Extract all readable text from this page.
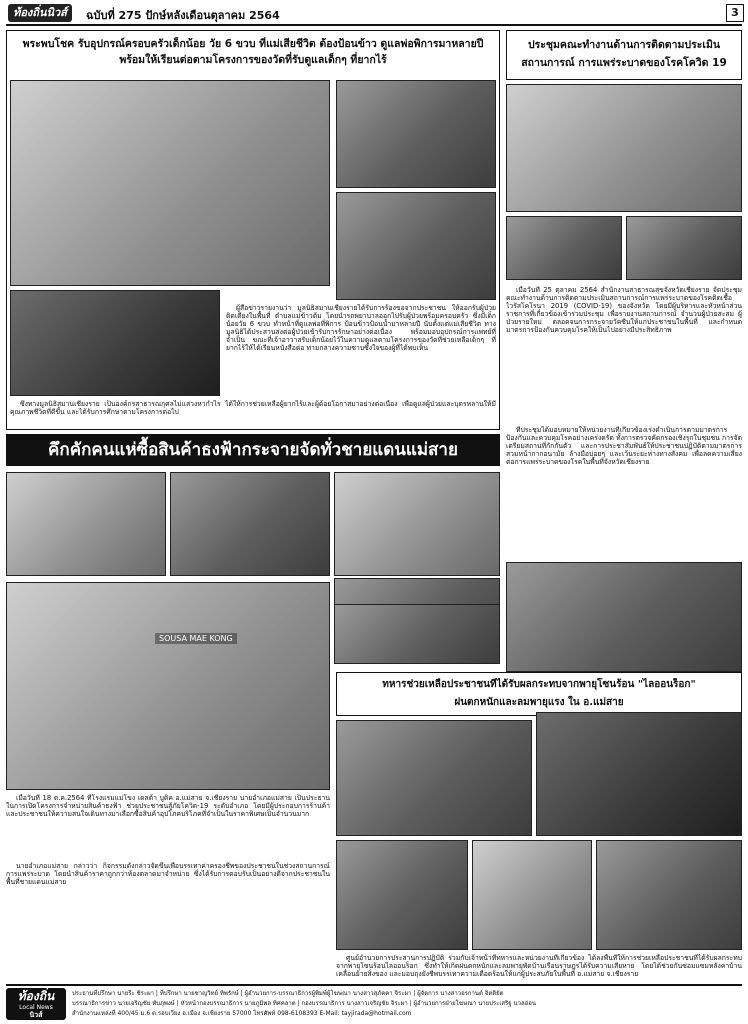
ท้องถิ่นนิวส์	ฉบับที่ 275 ปักษ์หลังเดือนตุลาคม 2564	3
พระพบโชค รับอุปกรณ์ครอบครัวเด็กน้อย วัย 6 ขวบ ที่แม่เสียชีวิต ต้องป้อนข้าว ดูแลพ่อพิการมาหลายปี
พร้อมให้เรียนต่อตามโครงการของวัดที่รับดูแลเด็กๆ ที่ยากไร้
ผู้สื่อข่าวรายงานว่า มูลนิธิสมานเชียงรายได้รับการร้องขอจากประชาชน ให้ออกรับผู้ป่วยติดเตียงในพื้นที่ ตำบลแม่ข้าวต้ม โดยนำรถพยาบาลออกไปรับผู้ป่วยพร้อมครอบครัว ซึ่งมีเด็กน้อยวัย 6 ขวบ ทำหน้าที่ดูแลพ่อที่พิการ ป้อนข้าวป้อนน้ำมาหลายปี นับตั้งแต่แม่เสียชีวิต ทางมูลนิธิได้ประสานส่งต่อผู้ป่วยเข้ารับการรักษาอย่างต่อเนื่อง พร้อมมอบอุปกรณ์การแพทย์ที่จำเป็น ขณะที่เจ้าอาวาสรับเด็กน้อยไว้ในความดูแลตามโครงการของวัดที่ช่วยเหลือเด็กๆ ที่ยากไร้ให้ได้เรียนหนังสือต่อ ท่ามกลางความซาบซึ้งใจของผู้ที่ได้พบเห็น
ซึ่งทางมูลนิธิสมานเชียงราย เป็นองค์กรสาธารณกุศลไม่แสวงหากำไร ได้ให้การช่วยเหลือผู้ยากไร้และผู้ด้อยโอกาสมาอย่างต่อเนื่อง เพื่อดูแลผู้ป่วยและบุตรหลานให้มีคุณภาพชีวิตที่ดีขึ้น และได้รับการศึกษาตามโครงการต่อไป
ประชุมคณะทำงานด้านการติดตามประเมิน
สถานการณ์ การแพร่ระบาดของโรคโควิด 19
เมื่อวันที่ 25 ตุลาคม 2564 สำนักงานสาธารณสุขจังหวัดเชียงราย จัดประชุมคณะทำงานด้านการติดตามประเมินสถานการณ์การแพร่ระบาดของโรคติดเชื้อไวรัสโคโรนา 2019 (COVID-19) ของจังหวัด โดยมีผู้บริหารและหัวหน้าส่วนราชการที่เกี่ยวข้องเข้าร่วมประชุม เพื่อรายงานสถานการณ์ จำนวนผู้ป่วยสะสม ผู้ป่วยรายใหม่ ตลอดจนการกระจายวัคซีนให้แก่ประชาชนในพื้นที่ และกำหนดมาตรการป้องกันควบคุมโรคให้เป็นไปอย่างมีประสิทธิภาพ
ที่ประชุมได้มอบหมายให้หน่วยงานที่เกี่ยวข้องเร่งดำเนินการตามมาตรการป้องกันและควบคุมโรคอย่างเคร่งครัด ทั้งการตรวจคัดกรองเชิงรุกในชุมชน การจัดเตรียมสถานที่กักกันตัว และการประชาสัมพันธ์ให้ประชาชนปฏิบัติตามมาตรการ สวมหน้ากากอนามัย ล้างมือบ่อยๆ และเว้นระยะห่างทางสังคม เพื่อลดความเสี่ยงต่อการแพร่ระบาดของโรคในพื้นที่จังหวัดเชียงราย
คึกคักคนแห่ซื้อสินค้าธงฟ้ากระจายจัดทั่วชายแดนแม่สาย
SOUSA MAE KONG
เมื่อวันที่ 18 ต.ค.2564 ที่โรงแรมแม่โขง เดลต้า บูติค อ.แม่สาย จ.เชียงราย นายอำเภอแม่สาย เป็นประธานในการเปิดโครงการจำหน่ายสินค้าธงฟ้า ช่วยประชาชนสู้ภัยโควิด-19 ระดับอำเภอ โดยมีผู้ประกอบการร้านค้าและประชาชนให้ความสนใจเดินทางมาเลือกซื้อสินค้าอุปโภคบริโภคที่จำเป็นในราคาพิเศษเป็นจำนวนมาก
นายอำเภอแม่สาย กล่าวว่า กิจกรรมดังกล่าวจัดขึ้นเพื่อบรรเทาค่าครองชีพของประชาชนในช่วงสถานการณ์การแพร่ระบาด โดยนำสินค้าราคาถูกกว่าท้องตลาดมาจำหน่าย ซึ่งได้รับการตอบรับเป็นอย่างดีจากประชาชนในพื้นที่ชายแดนแม่สาย
ทหารช่วยเหลือประชาชนที่ได้รับผลกระทบจากพายุโซนร้อน "ไลออนร็อก"
ฝนตกหนักและลมพายุแรง ใน อ.แม่สาย
ศูนย์อำนวยการประสานการปฏิบัติ ร่วมกับเจ้าหน้าที่ทหารและหน่วยงานที่เกี่ยวข้อง ได้ลงพื้นที่ให้การช่วยเหลือประชาชนที่ได้รับผลกระทบจากพายุโซนร้อนไลออนร็อก ซึ่งทำให้เกิดฝนตกหนักและลมพายุพัดบ้านเรือนราษฎรได้รับความเสียหาย โดยได้ช่วยกันซ่อมแซมหลังคาบ้าน เคลื่อนย้ายสิ่งของ และมอบถุงยังชีพบรรเทาความเดือดร้อนให้แก่ผู้ประสบภัยในพื้นที่ อ.แม่สาย จ.เชียงราย
ท้องถิ่น
Local News
นิวส์
ประธานที่ปรึกษา นายรีะ ชิระผา | ที่ปรึกษา นายชาญวิทย์ ทิพรักษ์ | ผู้อำนวยการ-บรรณาธิการผู้พิมพ์ผู้โฆษณา นางสาวสุภัคคา จิระผา | ผู้จัดการ นางสาวอรกานต์ จิตติยัต
บรรณาธิการข่าว นายเจริญชัย ทับภุพงษ์ | หัวหน้ากองบรรณาธิการ นายภูมิพล ทิศคลาด | กองบรรณาธิการ นางสาวเจริญชัย จิระผา | ผู้อำนวยการฝ่ายโฆษณา นายประเสริฐ นวลอ่อน
สำนักงานแหล่งที่ 400/45 ม.6 ต.รอบเวียง อ.เมือง จ.เชียงราย 57000 โทรศัพท์ 098-6108393 E-Mail: tayjirada@hotmail.com
